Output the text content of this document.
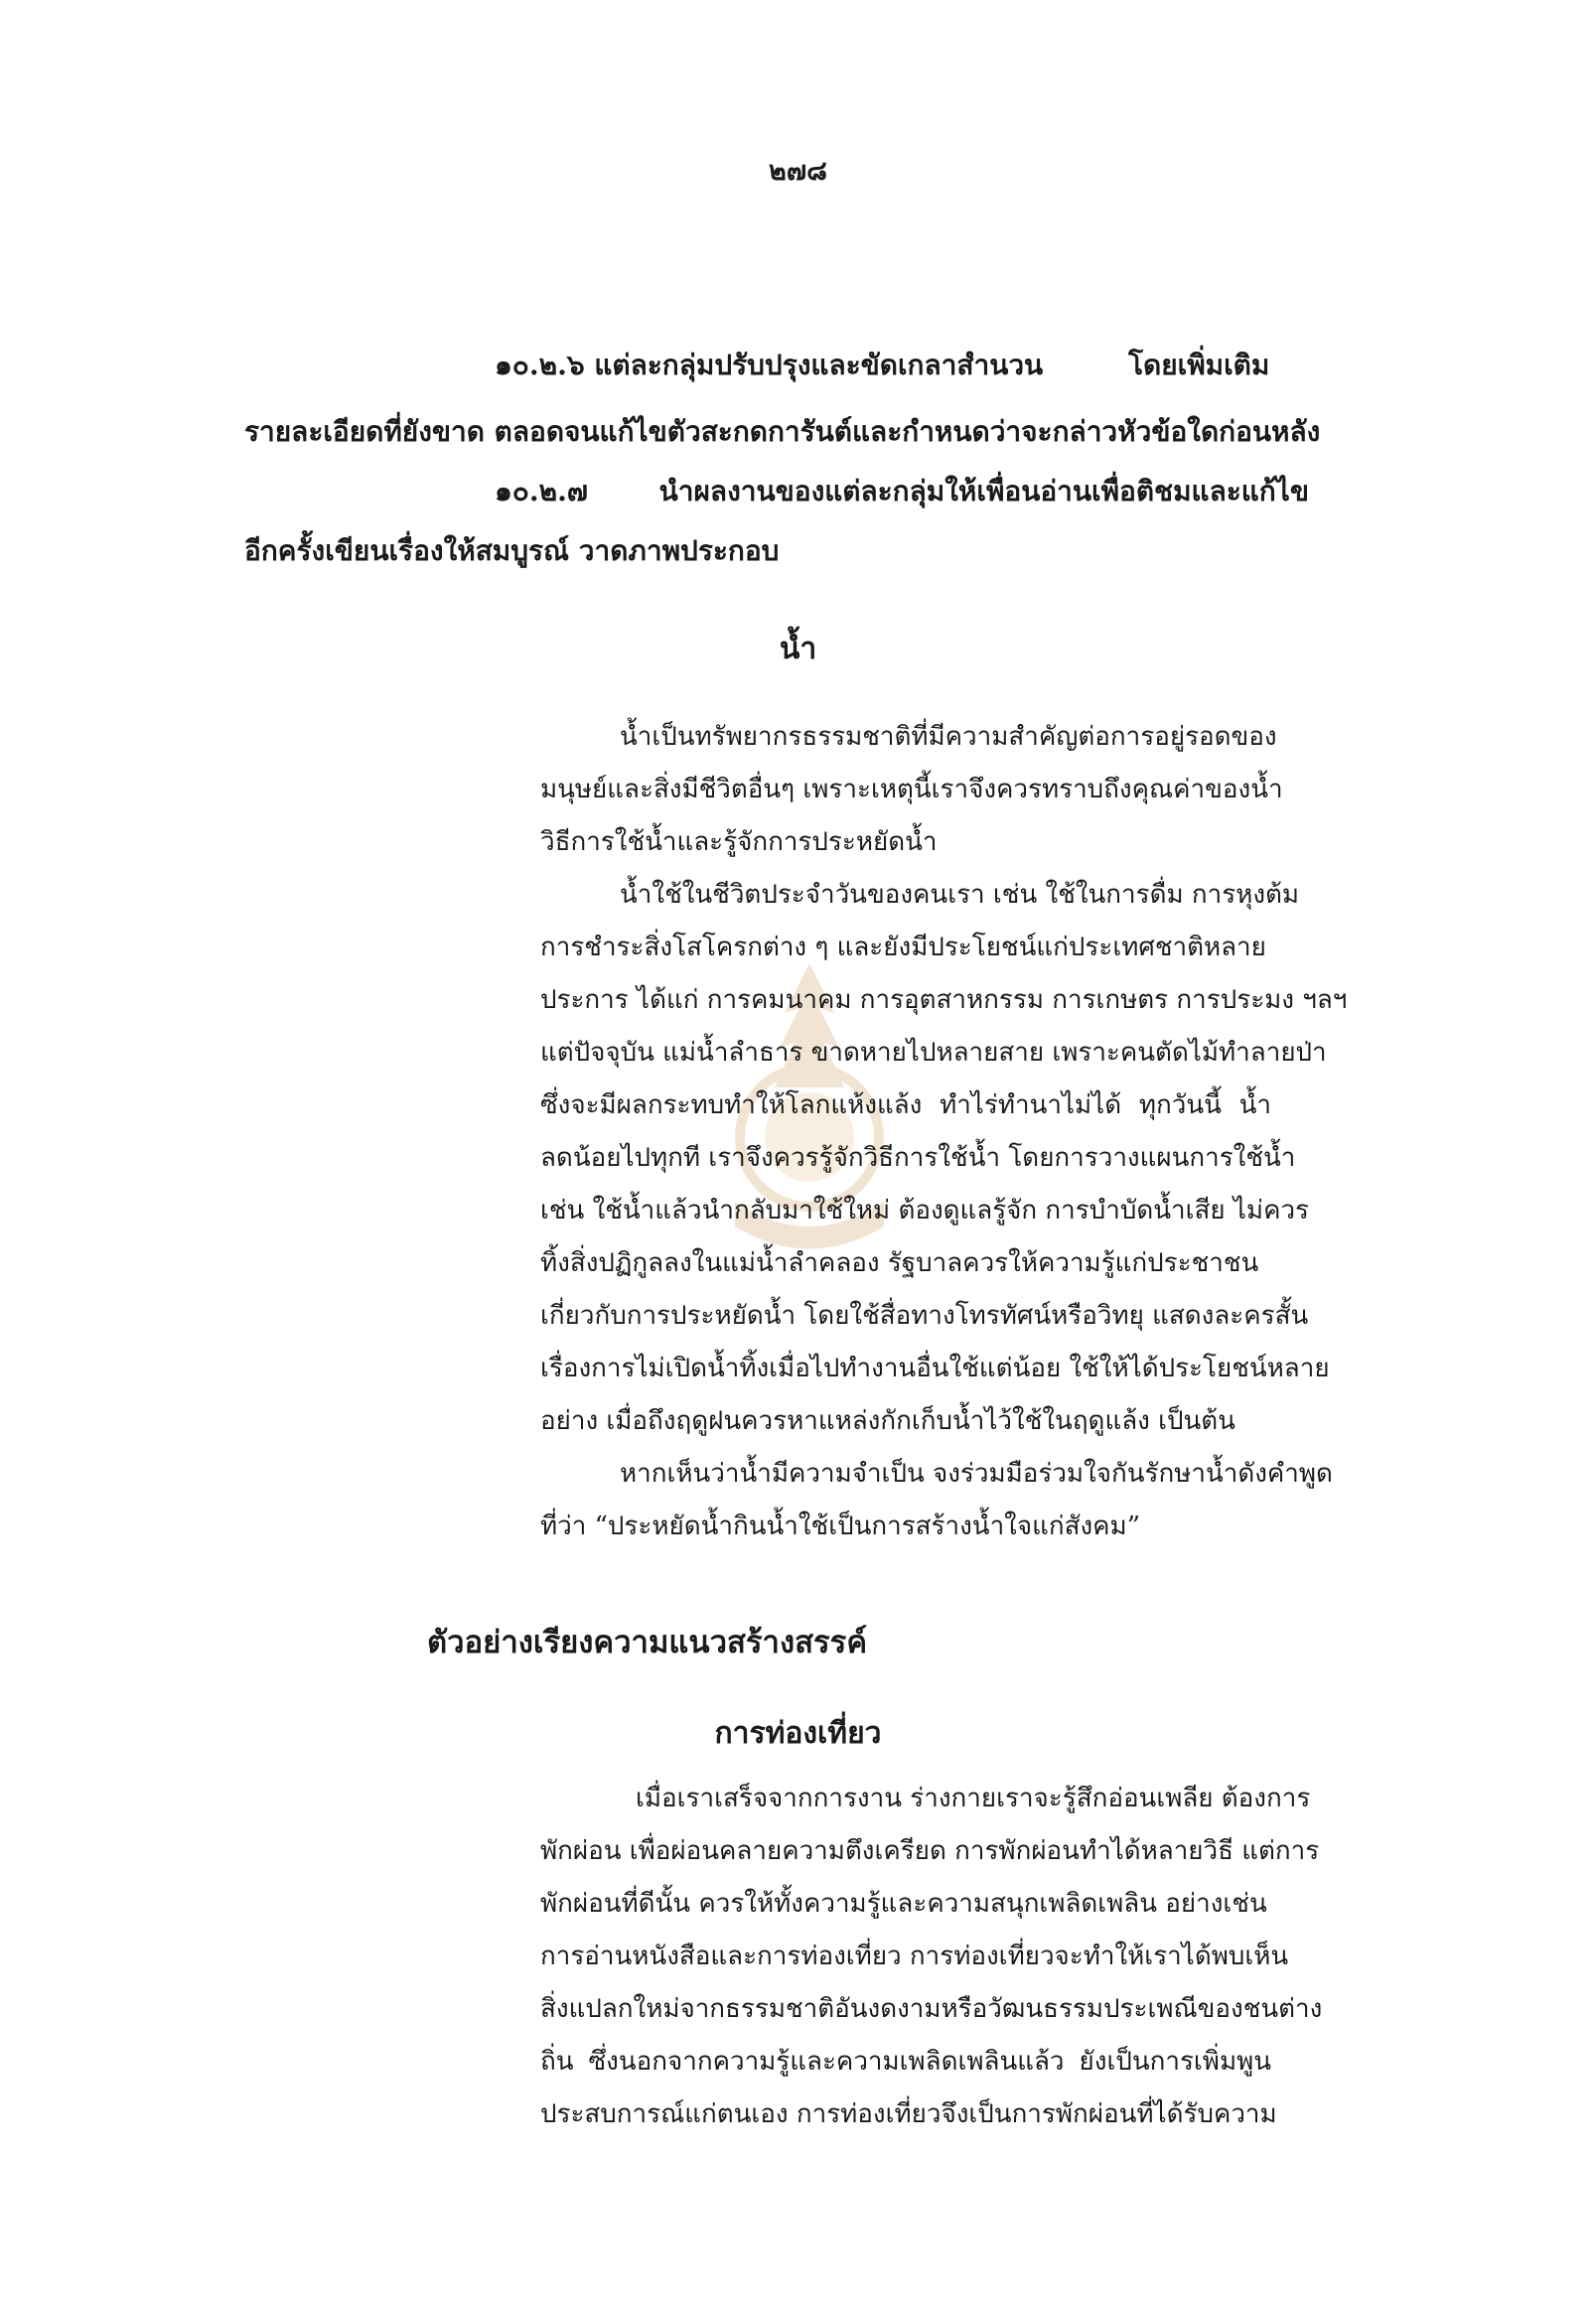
๒๗๘
๑๐.๒.๖ แต่ละกลุ่มปรับปรุงและขัดเกลาสำนวน	โดยเพิ่มเติม
รายละเอียดที่ยังขาด ตลอดจนแก้ไขตัวสะกดการันต์และกำหนดว่าจะกล่าวหัวข้อใดก่อนหลัง
๑๐.๒.๗ นำผลงานของแต่ละกลุ่มให้เพื่อนอ่านเพื่อติชมและแก้ไข
อีกครั้งเขียนเรื่องให้สมบูรณ์ วาดภาพประกอบ
น้ำ
น้ำเป็นทรัพยากรธรรมชาติที่มีความสำคัญต่อการอยู่รอดของ
มนุษย์และสิ่งมีชีวิตอื่นๆ เพราะเหตุนี้เราจึงควรทราบถึงคุณค่าของน้ำ
วิธีการใช้น้ำและรู้จักการประหยัดน้ำ
น้ำใช้ในชีวิตประจำวันของคนเรา เช่น ใช้ในการดื่ม การหุงต้ม
การชำระสิ่งโสโครกต่าง ๆ และยังมีประโยชน์แก่ประเทศชาติหลาย
ประการ ได้แก่ การคมนาคม การอุตสาหกรรม การเกษตร การประมง ฯลฯ
แต่ปัจจุบัน แม่น้ำลำธาร ขาดหายไปหลายสาย เพราะคนตัดไม้ทำลายป่า
ซึ่งจะมีผลกระทบทำให้โลกแห้งแล้ง ทำไร่ทำนาไม่ได้ ทุกวันนี้ น้ำ
ลดน้อยไปทุกที เราจึงควรรู้จักวิธีการใช้น้ำ โดยการวางแผนการใช้น้ำ
เช่น ใช้น้ำแล้วนำกลับมาใช้ใหม่ ต้องดูแลรู้จัก การบำบัดน้ำเสีย ไม่ควร
ทิ้งสิ่งปฏิกูลลงในแม่น้ำลำคลอง รัฐบาลควรให้ความรู้แก่ประชาชน
เกี่ยวกับการประหยัดน้ำ โดยใช้สื่อทางโทรทัศน์หรือวิทยุ แสดงละครสั้น
เรื่องการไม่เปิดน้ำทิ้งเมื่อไปทำงานอื่นใช้แต่น้อย ใช้ให้ได้ประโยชน์หลาย
อย่าง เมื่อถึงฤดูฝนควรหาแหล่งกักเก็บน้ำไว้ใช้ในฤดูแล้ง เป็นต้น
หากเห็นว่าน้ำมีความจำเป็น จงร่วมมือร่วมใจกันรักษาน้ำดังคำพูด
ที่ว่า “ประหยัดน้ำกินน้ำใช้เป็นการสร้างน้ำใจแก่สังคม”
ตัวอย่างเรียงความแนวสร้างสรรค์
การท่องเที่ยว
เมื่อเราเสร็จจากการงาน ร่างกายเราจะรู้สึกอ่อนเพลีย ต้องการ
พักผ่อน เพื่อผ่อนคลายความตึงเครียด การพักผ่อนทำได้หลายวิธี แต่การ
พักผ่อนที่ดีนั้น ควรให้ทั้งความรู้และความสนุกเพลิดเพลิน อย่างเช่น
การอ่านหนังสือและการท่องเที่ยว การท่องเที่ยวจะทำให้เราได้พบเห็น
สิ่งแปลกใหม่จากธรรมชาติอันงดงามหรือวัฒนธรรมประเพณีของชนต่าง
ถิ่น ซึ่งนอกจากความรู้และความเพลิดเพลินแล้ว ยังเป็นการเพิ่มพูน
ประสบการณ์แก่ตนเอง การท่องเที่ยวจึงเป็นการพักผ่อนที่ได้รับความ
